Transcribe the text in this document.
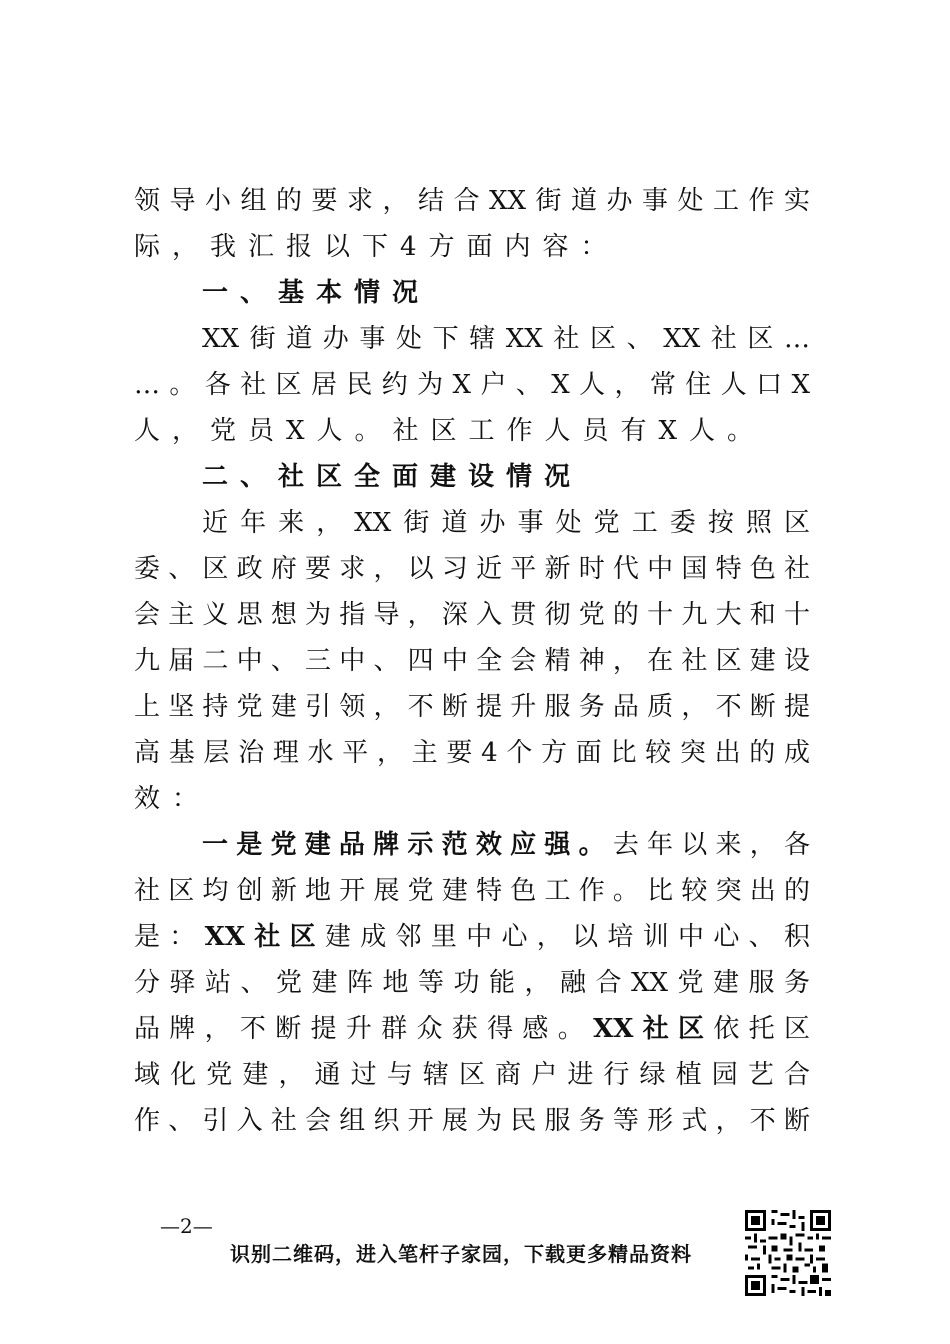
领导小组的要求，结合XX街道办事处工作实
际，我汇报以下4方面内容：
一、基本情况
XX街道办事处下辖XX社区、XX社区…
…。各社区居民约为X户、X人，常住人口X
人，党员X人。社区工作人员有X人。
二、社区全面建设情况
近年来，XX街道办事处党工委按照区
委、区政府要求，以习近平新时代中国特色社
会主义思想为指导，深入贯彻党的十九大和十
九届二中、三中、四中全会精神，在社区建设
上坚持党建引领，不断提升服务品质，不断提
高基层治理水平，主要4个方面比较突出的成
效：
一是党建品牌示范效应强。去年以来，各
社区均创新地开展党建特色工作。比较突出的
是：XX社区建成邻里中心，以培训中心、积
分驿站、党建阵地等功能，融合XX党建服务
品牌，不断提升群众获得感。XX社区依托区
域化党建，通过与辖区商户进行绿植园艺合
作、引入社会组织开展为民服务等形式，不断
—2—
识别二维码，进入笔杆子家园，下载更多精品资料
